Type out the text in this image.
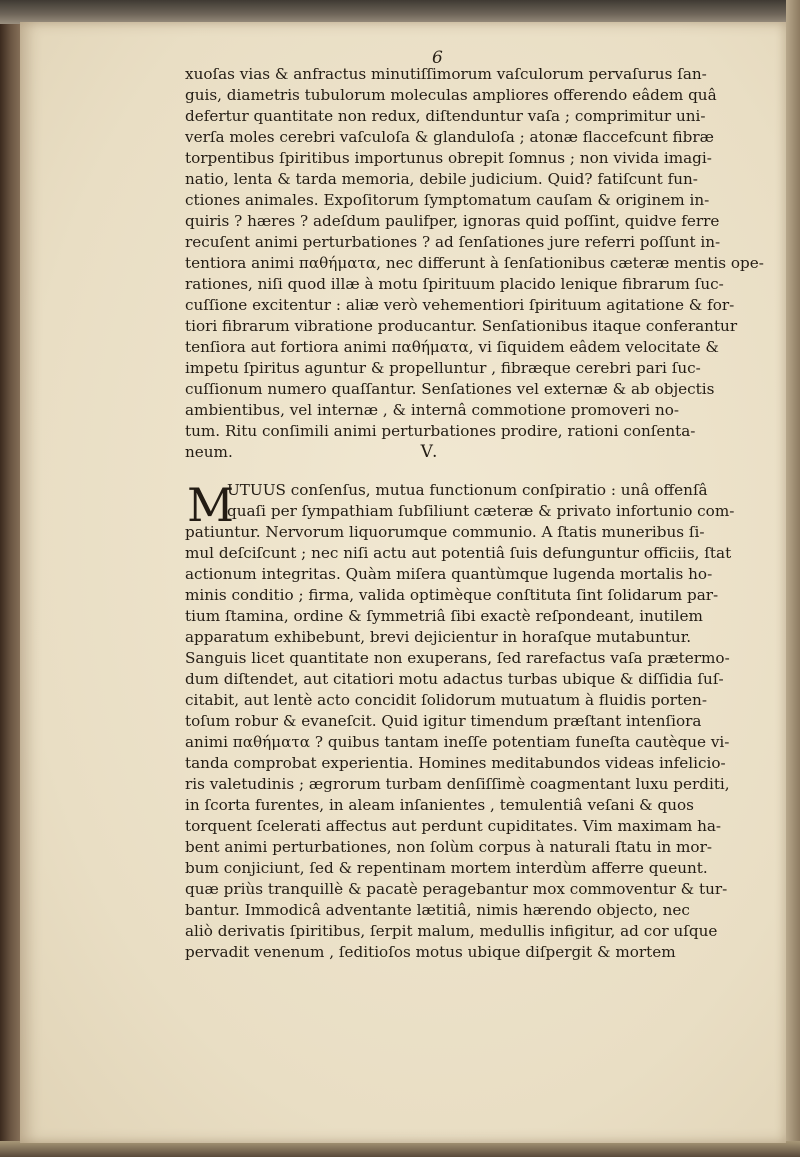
6
xuoſas vias & anfractus minutiſſimorum vaſculorum pervaſurus ſan-
guis, diametris tubulorum moleculas ampliores offerendo eâdem quâ
defertur quantitate non redux, diſtenduntur vaſa ; comprimitur uni-
verſa moles cerebri vaſculoſa & glanduloſa ; atonæ flaccefcunt fibræ
torpentibus ſpiritibus importunus obrepit ſomnus ; non vivida imagi-
natio, lenta & tarda memoria, debile judicium. Quid? fatiſcunt fun-
ctiones animales. Expoſitorum ſymptomatum cauſam & originem in-
quiris ? hæres ? adeſdum paulifper, ignoras quid poſſint, quidve ferre
recuſent animi perturbationes ? ad ſenſationes jure referri poſſunt in-
tentiora animi παθήματα, nec differunt à ſenſationibus cæteræ mentis ope-
rationes, niſi quod illæ à motu ſpirituum placido lenique fibrarum ſuc-
cuſſione excitentur : aliæ verò vehementiori ſpirituum agitatione & for-
tiori fibrarum vibratione producantur. Senſationibus itaque conferantur
tenſiora aut fortiora animi παθήματα, vi ſiquidem eâdem velocitate &
impetu ſpiritus aguntur & propelluntur , fibræque cerebri pari ſuc-
cuſſionum numero quaſſantur. Senſationes vel externæ & ab objectis
ambientibus, vel internæ , & internâ commotione promoveri no-
tum. Ritu conſimili animi perturbationes prodire, rationi conſenta-
neum.	V.
M
UTUUS conſenſus, mutua functionum conſpiratio : unâ offenſâ
quaſi per ſympathiam ſubſiliunt cæteræ & privato infortunio com-
patiuntur. Nervorum liquorumque communio. A ſtatis muneribus ſi-
mul deſciſcunt ; nec niſi actu aut potentiâ ſuis defunguntur officiis, ſtat
actionum integritas. Quàm miſera quantùmque lugenda mortalis ho-
minis conditio ; firma, valida optimèque conſtituta ſint ſolidarum par-
tium ſtamina, ordine & ſymmetriâ ſibi exactè reſpondeant, inutilem
apparatum exhibebunt, brevi dejicientur in horaſque mutabuntur.
Sanguis licet quantitate non exuperans, ſed rarefactus vaſa prætermo-
dum diſtendet, aut citatiori motu adactus turbas ubique & diſſidia ſuſ-
citabit, aut lentè acto concidit ſolidorum mutuatum à fluidis porten-
toſum robur & evaneſcit. Quid igitur timendum præſtant intenſiora
animi παθήματα ? quibus tantam ineſſe potentiam funeſta cautèque vi-
tanda comprobat experientia. Homines meditabundos videas infelicio-
ris valetudinis ; ægrorum turbam denſiſſimè coagmentant luxu perditi,
in ſcorta furentes, in aleam inſanientes , temulentiâ veſani & quos
torquent ſcelerati affectus aut perdunt cupiditates. Vim maximam ha-
bent animi perturbationes, non ſolùm corpus à naturali ſtatu in mor-
bum conjiciunt, ſed & repentinam mortem interdùm afferre queunt.
quæ priùs tranquillè & pacatè peragebantur mox commoventur & tur-
bantur. Immodicâ adventante lætitiâ, nimis hærendo objecto, nec
aliò derivatis ſpiritibus, ſerpit malum, medullis infigitur, ad cor uſque
pervadit venenum , ſeditioſos motus ubique diſpergit & mortem
